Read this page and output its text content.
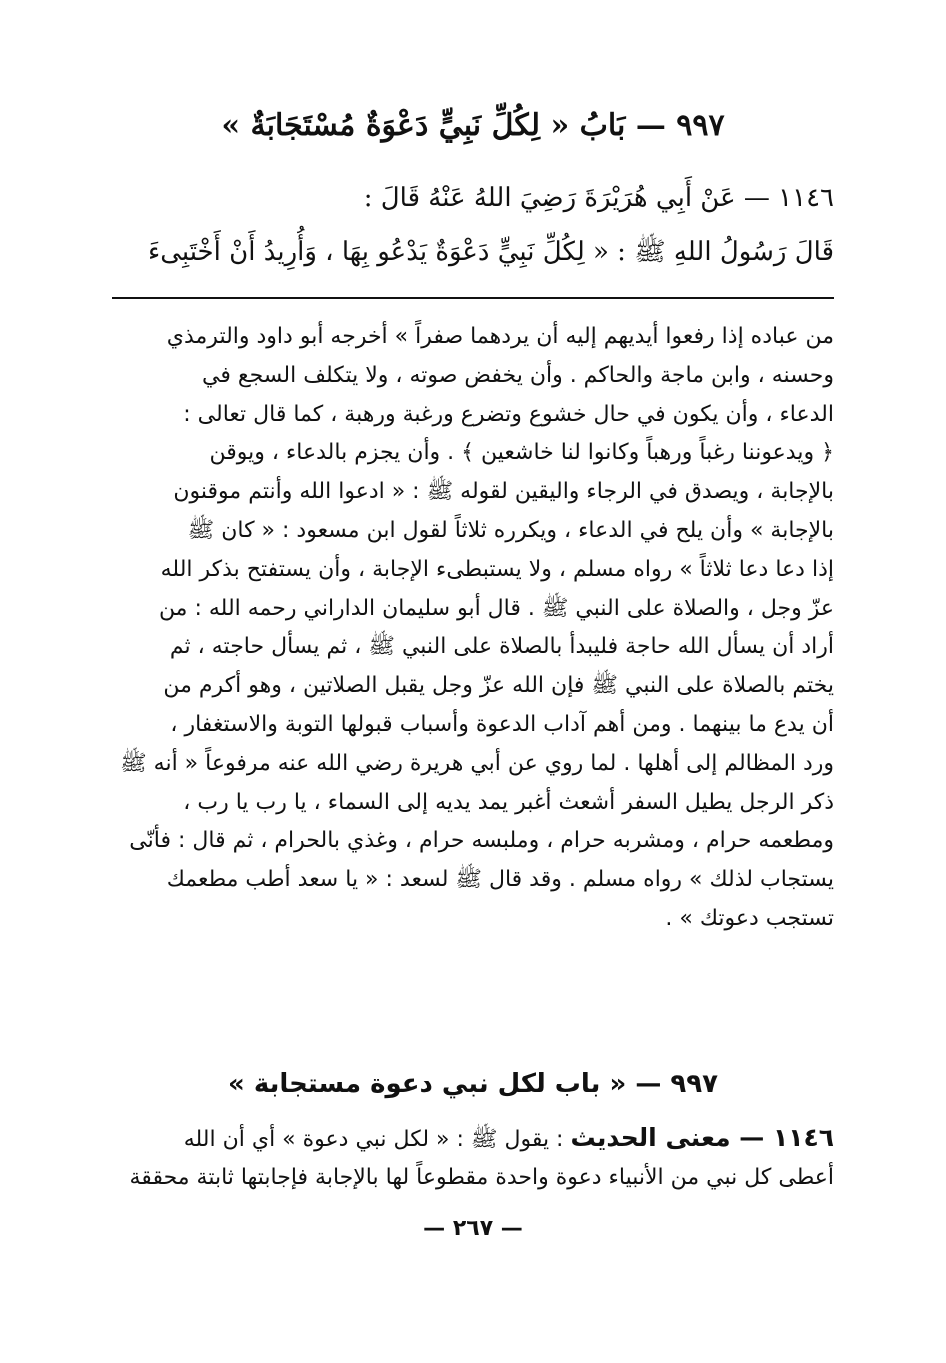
٩٩٧ — بَابُ « لِكُلِّ نَبِيٍّ دَعْوَةٌ مُسْتَجَابَةٌ »
١١٤٦ — عَنْ أَبِي هُرَيْرَةَ رَضِيَ اللهُ عَنْهُ قَالَ :
قَالَ رَسُولُ اللهِ ﷺ : « لِكُلِّ نَبِيٍّ دَعْوَةٌ يَدْعُو بِهَا ، وَأُرِيدُ أَنْ أَخْتَبِىءَ
من عباده إذا رفعوا أيديهم إليه أن يردهما صفراً » أخرجه أبو داود والترمذي
وحسنه ، وابن ماجة والحاكم . وأن يخفض صوته ، ولا يتكلف السجع في
الدعاء ، وأن يكون في حال خشوع وتضرع ورغبة ورهبة ، كما قال تعالى :
﴿ ويدعوننا رغباً ورهباً وكانوا لنا خاشعين ﴾ . وأن يجزم بالدعاء ، ويوقن
بالإجابة ، ويصدق في الرجاء واليقين لقوله ﷺ : « ادعوا الله وأنتم موقنون
بالإجابة » وأن يلح في الدعاء ، ويكرره ثلاثاً لقول ابن مسعود : « كان ﷺ
إذا دعا دعا ثلاثاً » رواه مسلم ، ولا يستبطىء الإجابة ، وأن يستفتح بذكر الله
عزّ وجل ، والصلاة على النبي ﷺ . قال أبو سليمان الداراني رحمه الله : من
أراد أن يسأل الله حاجة فليبدأ بالصلاة على النبي ﷺ ، ثم يسأل حاجته ، ثم
يختم بالصلاة على النبي ﷺ فإن الله عزّ وجل يقبل الصلاتين ، وهو أكرم من
أن يدع ما بينهما . ومن أهم آداب الدعوة وأسباب قبولها التوبة والاستغفار ،
ورد المظالم إلى أهلها . لما روي عن أبي هريرة رضي الله عنه مرفوعاً « أنه ﷺ
ذكر الرجل يطيل السفر أشعث أغبر يمد يديه إلى السماء ، يا رب يا رب ،
ومطعمه حرام ، ومشربه حرام ، وملبسه حرام ، وغذي بالحرام ، ثم قال : فأنّى
يستجاب لذلك » رواه مسلم . وقد قال ﷺ لسعد : « يا سعد أطب مطعمك
تستجب دعوتك » .
٩٩٧ — « باب لكل نبي دعوة مستجابة »
١١٤٦ — معنى الحديث : يقول ﷺ : « لكل نبي دعوة » أي أن الله
أعطى كل نبي من الأنبياء دعوة واحدة مقطوعاً لها بالإجابة فإجابتها ثابتة محققة
— ٢٦٧ —
